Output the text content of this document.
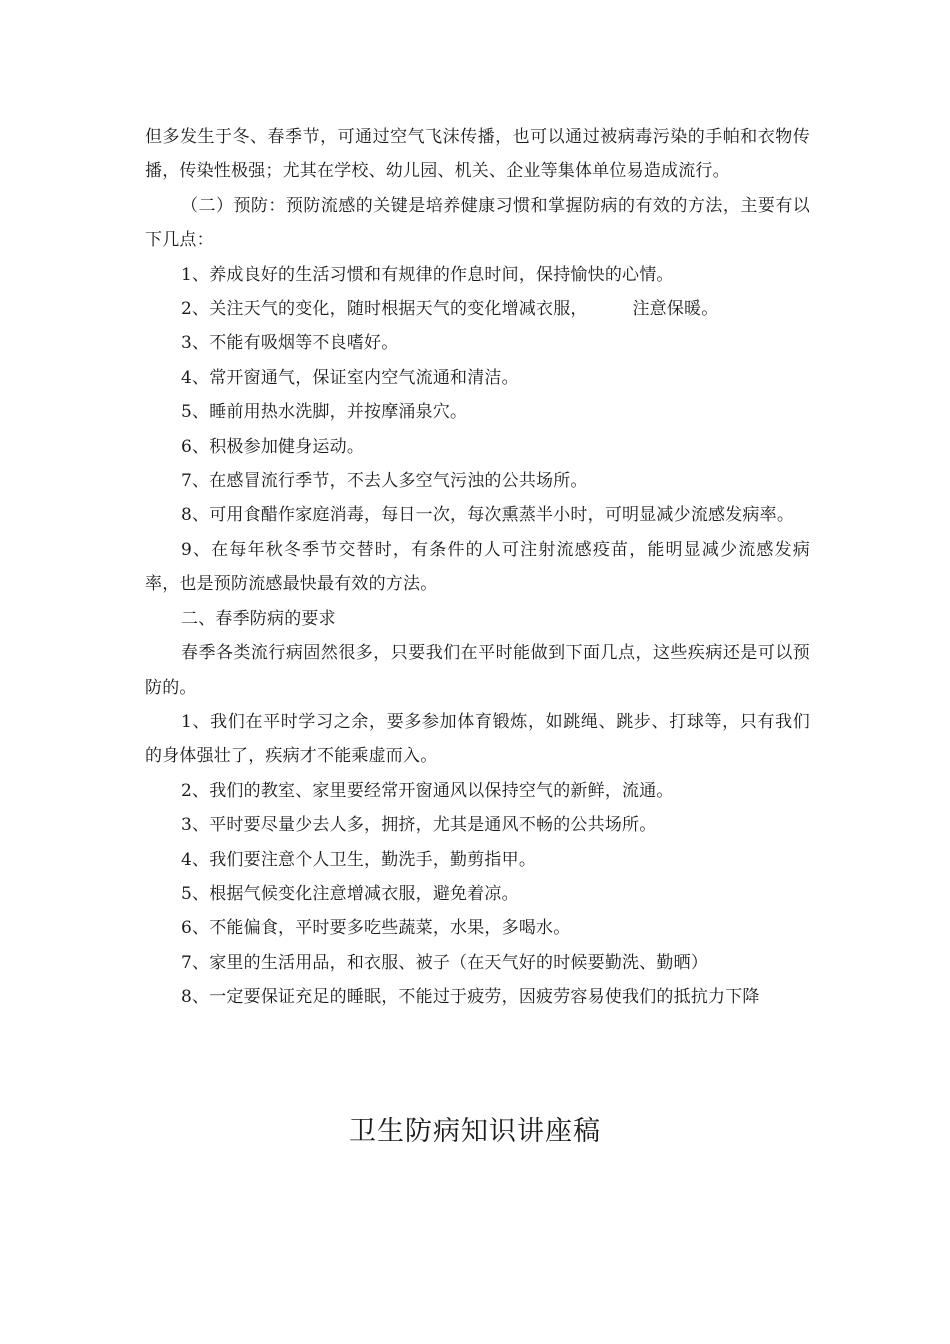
但多发生于冬、春季节，可通过空气飞沫传播，也可以通过被病毒污染的手帕和衣物传播，传染性极强；尤其在学校、幼儿园、机关、企业等集体单位易造成流行。

（二）预防：预防流感的关键是培养健康习惯和掌握防病的有效的方法，主要有以下几点：

1、养成良好的生活习惯和有规律的作息时间，保持愉快的心情。

2、关注天气的变化，随时根据天气的变化增减衣服，        注意保暖。

3、不能有吸烟等不良嗜好。

4、常开窗通气，保证室内空气流通和清洁。

5、睡前用热水洗脚，并按摩涌泉穴。

6、积极参加健身运动。

7、在感冒流行季节，不去人多空气污浊的公共场所。

8、可用食醋作家庭消毒，每日一次，每次熏蒸半小时，可明显减少流感发病率。

9、在每年秋冬季节交替时，有条件的人可注射流感疫苗，能明显减少流感发病率，也是预防流感最快最有效的方法。

二、春季防病的要求

春季各类流行病固然很多，只要我们在平时能做到下面几点，这些疾病还是可以预防的。

1、我们在平时学习之余，要多参加体育锻炼，如跳绳、跳步、打球等，只有我们的身体强壮了，疾病才不能乘虚而入。

2、我们的教室、家里要经常开窗通风以保持空气的新鲜，流通。

3、平时要尽量少去人多，拥挤，尤其是通风不畅的公共场所。

4、我们要注意个人卫生，勤洗手，勤剪指甲。

5、根据气候变化注意增减衣服，避免着凉。

6、不能偏食，平时要多吃些蔬菜，水果，多喝水。

7、家里的生活用品，和衣服、被子（在天气好的时候要勤洗、勤晒）

8、一定要保证充足的睡眠，不能过于疲劳，因疲劳容易使我们的抵抗力下降

卫生防病知识讲座稿
